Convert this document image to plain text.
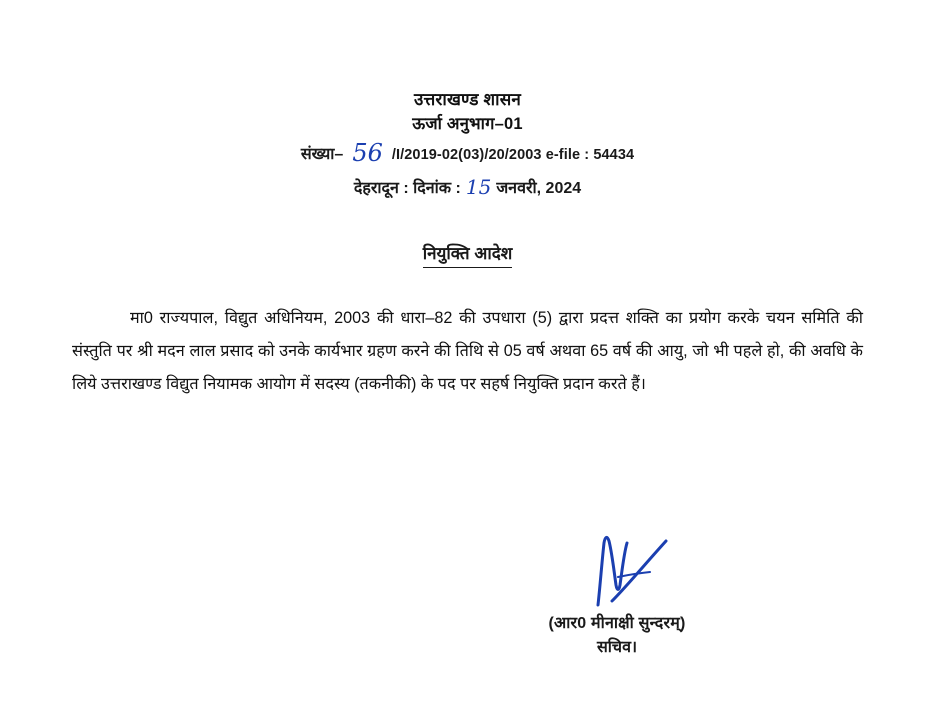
उत्तराखण्ड शासन
ऊर्जा अनुभाग–01
संख्या– 56 /I/2019-02(03)/20/2003 e-file : 54434
देहरादून : दिनांक : 15 जनवरी, 2024
नियुक्ति आदेश
मा0 राज्यपाल, विद्युत अधिनियम, 2003 की धारा–82 की उपधारा (5) द्वारा प्रदत्त शक्ति का प्रयोग करके चयन समिति की संस्तुति पर श्री मदन लाल प्रसाद को उनके कार्यभार ग्रहण करने की तिथि से 05 वर्ष अथवा 65 वर्ष की आयु, जो भी पहले हो, की अवधि के लिये उत्तराखण्ड विद्युत नियामक आयोग में सदस्य (तकनीकी) के पद पर सहर्ष नियुक्ति प्रदान करते हैं।
(आर0 मीनाक्षी सुन्दरम्)
सचिव।
